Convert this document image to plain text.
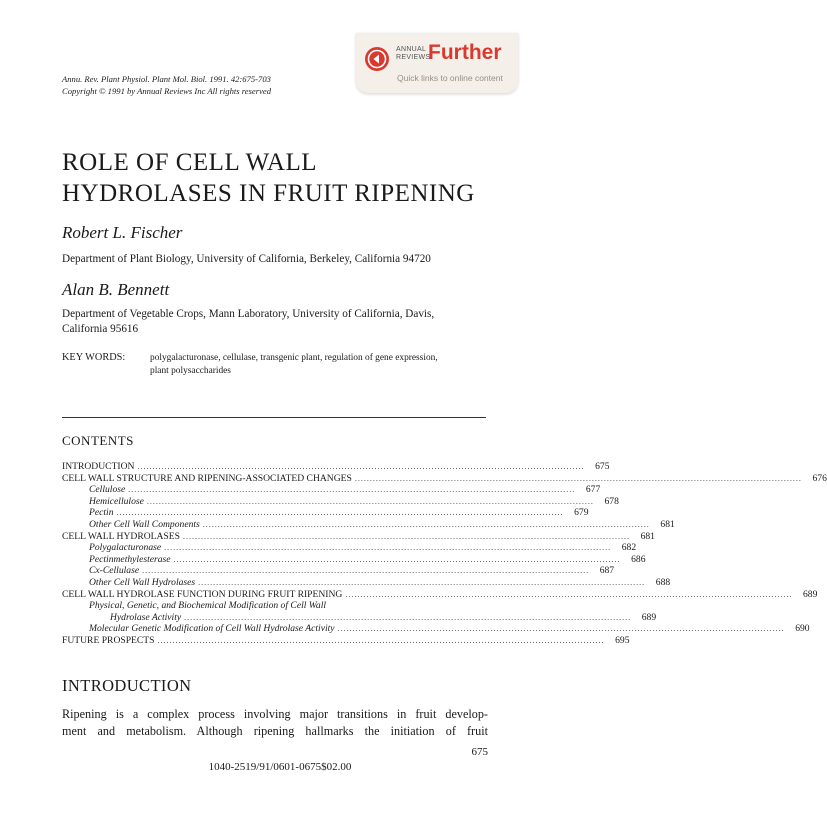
Annu. Rev. Plant Physiol. Plant Mol. Biol. 1991. 42:675-703
Copyright © 1991 by Annual Reviews Inc All rights reserved
ANNUAL
REVIEWS
Further
Quick links to online content
ROLE OF CELL WALL
HYDROLASES IN FRUIT RIPENING
Robert L. Fischer
Department of Plant Biology, University of California, Berkeley, California 94720
Alan B. Bennett
Department of Vegetable Crops, Mann Laboratory, University of California, Davis,
California 95616
KEY WORDS:	polygalacturonase, cellulase, transgenic plant, regulation of gene expression,
plant polysaccharides
CONTENTS
INTRODUCTION .....................................................................................................................................................	675
CELL WALL STRUCTURE AND RIPENING-ASSOCIATED CHANGES .....................................................................................................................................................	676
Cellulose .....................................................................................................................................................	677
Hemicellulose .....................................................................................................................................................	678
Pectin .....................................................................................................................................................	679
Other Cell Wall Components .....................................................................................................................................................	681
CELL WALL HYDROLASES .....................................................................................................................................................	681
Polygalacturonase .....................................................................................................................................................	682
Pectinmethylesterase .....................................................................................................................................................	686
Cx-Cellulase .....................................................................................................................................................	687
Other Cell Wall Hydrolases .....................................................................................................................................................	688
CELL WALL HYDROLASE FUNCTION DURING FRUIT RIPENING .....................................................................................................................................................	689
Physical, Genetic, and Biochemical Modification of Cell Wall
Hydrolase Activity .....................................................................................................................................................	689
Molecular Genetic Modification of Cell Wall Hydrolase Activity .....................................................................................................................................................	690
FUTURE PROSPECTS .....................................................................................................................................................	695
INTRODUCTION
Ripening is a complex process involving major transitions in fruit develop-
ment and metabolism. Although ripening hallmarks the initiation of fruit
675
1040-2519/91/0601-0675$02.00
